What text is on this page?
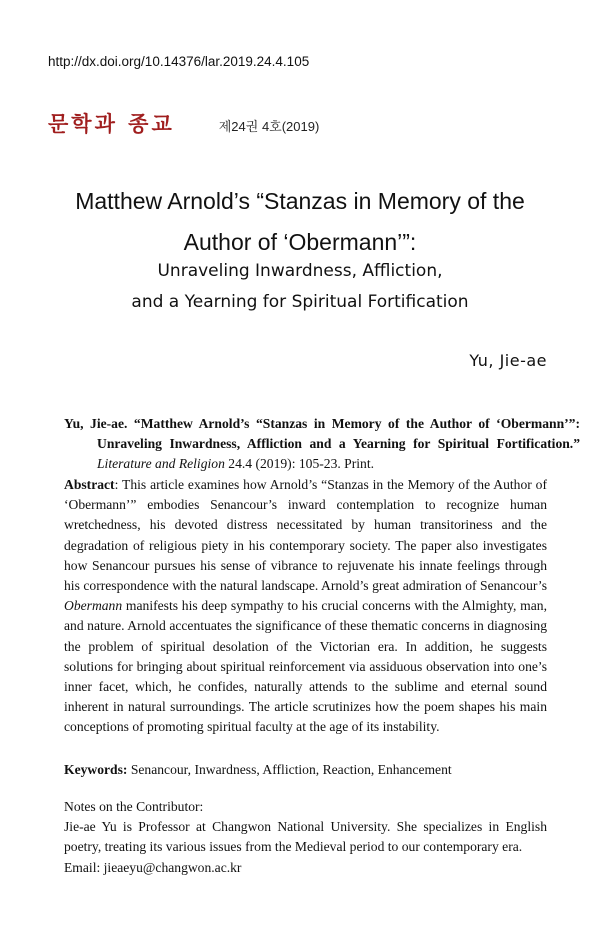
http://dx.doi.org/10.14376/lar.2019.24.4.105
문학과 종교	제24권 4호(2019)
Matthew Arnold’s “Stanzas in Memory of the
Author of ‘Obermann’”:
Unraveling Inwardness, Affliction,
and a Yearning for Spiritual Fortification
Yu, Jie-ae
Yu, Jie-ae. “Matthew Arnold’s “Stanzas in Memory of the Author of ‘Obermann’”: Unraveling Inwardness, Affliction and a Yearning for Spiritual Fortification.” Literature and Religion 24.4 (2019): 105-23. Print.
Abstract: This article examines how Arnold’s “Stanzas in the Memory of the Author of ‘Obermann’” embodies Senancour’s inward contemplation to recognize human wretchedness, his devoted distress necessitated by human transitoriness and the degradation of religious piety in his contemporary society. The paper also investigates how Senancour pursues his sense of vibrance to rejuvenate his innate feelings through his correspondence with the natural landscape. Arnold’s great admiration of Senancour’s Obermann manifests his deep sympathy to his crucial concerns with the Almighty, man, and nature. Arnold accentuates the significance of these thematic concerns in diagnosing the problem of spiritual desolation of the Victorian era. In addition, he suggests solutions for bringing about spiritual reinforcement via assiduous observation into one’s inner facet, which, he confides, naturally attends to the sublime and eternal sound inherent in natural surroundings. The article scrutinizes how the poem shapes his main conceptions of promoting spiritual faculty at the age of its instability.
Keywords: Senancour, Inwardness, Affliction, Reaction, Enhancement

Notes on the Contributor:

Jie-ae Yu is Professor at Changwon National University. She specializes in English poetry, treating its various issues from the Medieval period to our contemporary era.

Email: jieaeyu@changwon.ac.kr
